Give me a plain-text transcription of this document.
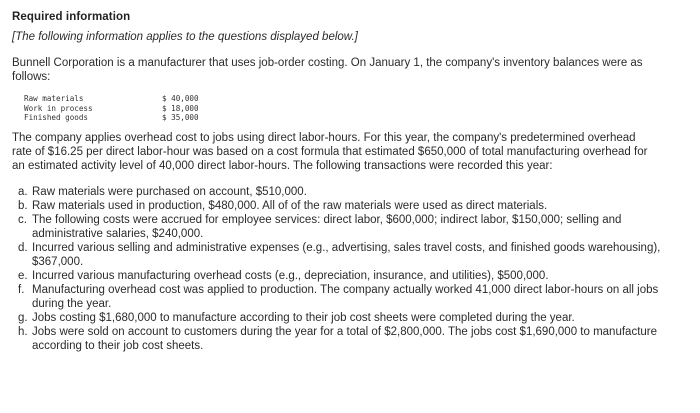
Required information
[The following information applies to the questions displayed below.]
Bunnell Corporation is a manufacturer that uses job-order costing. On January 1, the company's inventory balances were as follows:
Raw materials	$ 40,000
Work in process	$ 18,000
Finished goods	$ 35,000
The company applies overhead cost to jobs using direct labor-hours. For this year, the company's predetermined overhead rate of $16.25 per direct labor-hour was based on a cost formula that estimated $650,000 of total manufacturing overhead for an estimated activity level of 40,000 direct labor-hours. The following transactions were recorded this year:
a. Raw materials were purchased on account, $510,000.
b. Raw materials used in production, $480,000. All of of the raw materials were used as direct materials.
c. The following costs were accrued for employee services: direct labor, $600,000; indirect labor, $150,000; selling and administrative salaries, $240,000.
d. Incurred various selling and administrative expenses (e.g., advertising, sales travel costs, and finished goods warehousing), $367,000.
e. Incurred various manufacturing overhead costs (e.g., depreciation, insurance, and utilities), $500,000.
f. Manufacturing overhead cost was applied to production. The company actually worked 41,000 direct labor-hours on all jobs during the year.
g. Jobs costing $1,680,000 to manufacture according to their job cost sheets were completed during the year.
h. Jobs were sold on account to customers during the year for a total of $2,800,000. The jobs cost $1,690,000 to manufacture according to their job cost sheets.
